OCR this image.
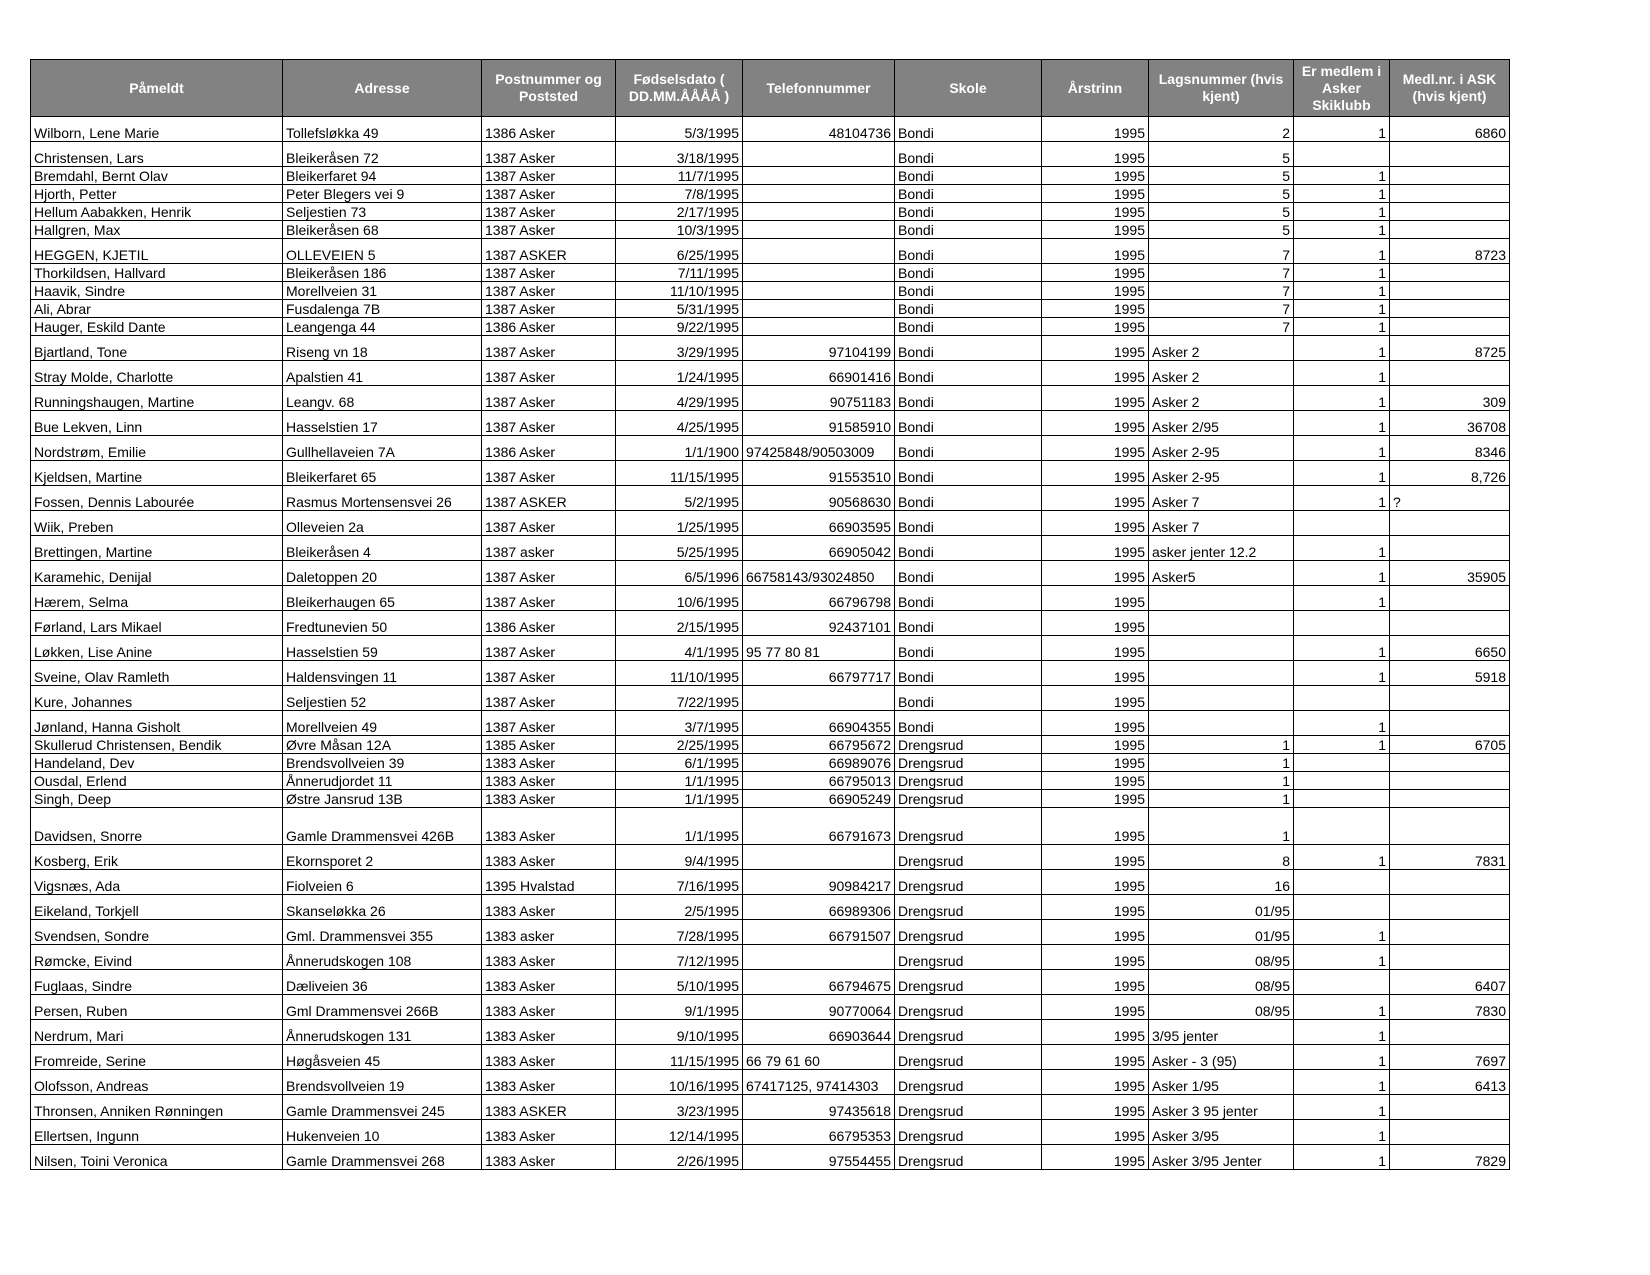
Påmeldt	Adresse	Postnummer og Poststed	Fødselsdato ( DD.MM.ÅÅÅÅ )	Telefonnummer	Skole	Årstrinn	Lagsnummer (hvis kjent)	Er medlem i Asker Skiklubb	Medl.nr. i ASK (hvis kjent)
Wilborn, Lene Marie	Tollefsløkka 49	1386 Asker	5/3/1995	48104736	Bondi	1995	2	1	6860
Christensen, Lars	Bleikeråsen 72	1387 Asker	3/18/1995		Bondi	1995	5		
Bremdahl, Bernt Olav	Bleikerfaret 94	1387 Asker	11/7/1995		Bondi	1995	5	1	
Hjorth, Petter	Peter Blegers vei 9	1387 Asker	7/8/1995		Bondi	1995	5	1	
Hellum Aabakken, Henrik	Seljestien 73	1387 Asker	2/17/1995		Bondi	1995	5	1	
Hallgren, Max	Bleikeråsen 68	1387 Asker	10/3/1995		Bondi	1995	5	1	
HEGGEN, KJETIL	OLLEVEIEN 5	1387 ASKER	6/25/1995		Bondi	1995	7	1	8723
Thorkildsen, Hallvard	Bleikeråsen 186	1387 Asker	7/11/1995		Bondi	1995	7	1	
Haavik, Sindre	Morellveien 31	1387 Asker	11/10/1995		Bondi	1995	7	1	
Ali, Abrar	Fusdalenga 7B	1387 Asker	5/31/1995		Bondi	1995	7	1	
Hauger, Eskild Dante	Leangenga 44	1386 Asker	9/22/1995		Bondi	1995	7	1	
Bjartland, Tone	Riseng vn 18	1387 Asker	3/29/1995	97104199	Bondi	1995	Asker 2	1	8725
Stray Molde, Charlotte	Apalstien 41	1387 Asker	1/24/1995	66901416	Bondi	1995	Asker 2	1	
Runningshaugen, Martine	Leangv. 68	1387 Asker	4/29/1995	90751183	Bondi	1995	Asker 2	1	309
Bue Lekven, Linn	Hasselstien 17	1387 Asker	4/25/1995	91585910	Bondi	1995	Asker 2/95	1	36708
Nordstrøm, Emilie	Gullhellaveien 7A	1386 Asker	1/1/1900	97425848/90503009	Bondi	1995	Asker 2-95	1	8346
Kjeldsen, Martine	Bleikerfaret 65	1387 Asker	11/15/1995	91553510	Bondi	1995	Asker 2-95	1	8,726
Fossen, Dennis Labourée	Rasmus Mortensensvei 26	1387 ASKER	5/2/1995	90568630	Bondi	1995	Asker 7	1	?
Wiik, Preben	Olleveien 2a	1387 Asker	1/25/1995	66903595	Bondi	1995	Asker 7		
Brettingen, Martine	Bleikeråsen 4	1387 asker	5/25/1995	66905042	Bondi	1995	asker jenter 12.2	1	
Karamehic, Denijal	Daletoppen 20	1387 Asker	6/5/1996	66758143/93024850	Bondi	1995	Asker5	1	35905
Hærem, Selma	Bleikerhaugen 65	1387 Asker	10/6/1995	66796798	Bondi	1995		1	
Førland, Lars Mikael	Fredtunevien 50	1386 Asker	2/15/1995	92437101	Bondi	1995			
Løkken, Lise Anine	Hasselstien 59	1387 Asker	4/1/1995	95 77 80 81	Bondi	1995		1	6650
Sveine, Olav Ramleth	Haldensvingen 11	1387 Asker	11/10/1995	66797717	Bondi	1995		1	5918
Kure, Johannes	Seljestien 52	1387 Asker	7/22/1995		Bondi	1995			
Jønland, Hanna Gisholt	Morellveien 49	1387 Asker	3/7/1995	66904355	Bondi	1995		1	
Skullerud Christensen, Bendik	Øvre Måsan 12A	1385 Asker	2/25/1995	66795672	Drengsrud	1995	1	1	6705
Handeland, Dev	Brendsvollveien 39	1383 Asker	6/1/1995	66989076	Drengsrud	1995	1		
Ousdal, Erlend	Ånnerudjordet 11	1383 Asker	1/1/1995	66795013	Drengsrud	1995	1		
Singh, Deep	Østre Jansrud 13B	1383 Asker	1/1/1995	66905249	Drengsrud	1995	1		
Davidsen, Snorre	Gamle Drammensvei 426B	1383 Asker	1/1/1995	66791673	Drengsrud	1995	1		
Kosberg, Erik	Ekornsporet 2	1383 Asker	9/4/1995		Drengsrud	1995	8	1	7831
Vigsnæs, Ada	Fiolveien 6	1395 Hvalstad	7/16/1995	90984217	Drengsrud	1995	16		
Eikeland, Torkjell	Skanseløkka 26	1383 Asker	2/5/1995	66989306	Drengsrud	1995	01/95		
Svendsen, Sondre	Gml. Drammensvei 355	1383 asker	7/28/1995	66791507	Drengsrud	1995	01/95	1	
Rømcke, Eivind	Ånnerudskogen 108	1383 Asker	7/12/1995		Drengsrud	1995	08/95	1	
Fuglaas, Sindre	Dæliveien 36	1383 Asker	5/10/1995	66794675	Drengsrud	1995	08/95		6407
Persen, Ruben	Gml Drammensvei 266B	1383 Asker	9/1/1995	90770064	Drengsrud	1995	08/95	1	7830
Nerdrum, Mari	Ånnerudskogen 131	1383 Asker	9/10/1995	66903644	Drengsrud	1995	3/95 jenter	1	
Fromreide, Serine	Høgåsveien 45	1383 Asker	11/15/1995	66 79 61 60	Drengsrud	1995	Asker - 3 (95)	1	7697
Olofsson, Andreas	Brendsvollveien 19	1383 Asker	10/16/1995	67417125, 97414303	Drengsrud	1995	Asker 1/95	1	6413
Thronsen, Anniken Rønningen	Gamle Drammensvei 245	1383 ASKER	3/23/1995	97435618	Drengsrud	1995	Asker 3 95 jenter	1	
Ellertsen, Ingunn	Hukenveien 10	1383 Asker	12/14/1995	66795353	Drengsrud	1995	Asker 3/95	1	
Nilsen, Toini Veronica	Gamle Drammensvei 268	1383 Asker	2/26/1995	97554455	Drengsrud	1995	Asker 3/95 Jenter	1	7829
